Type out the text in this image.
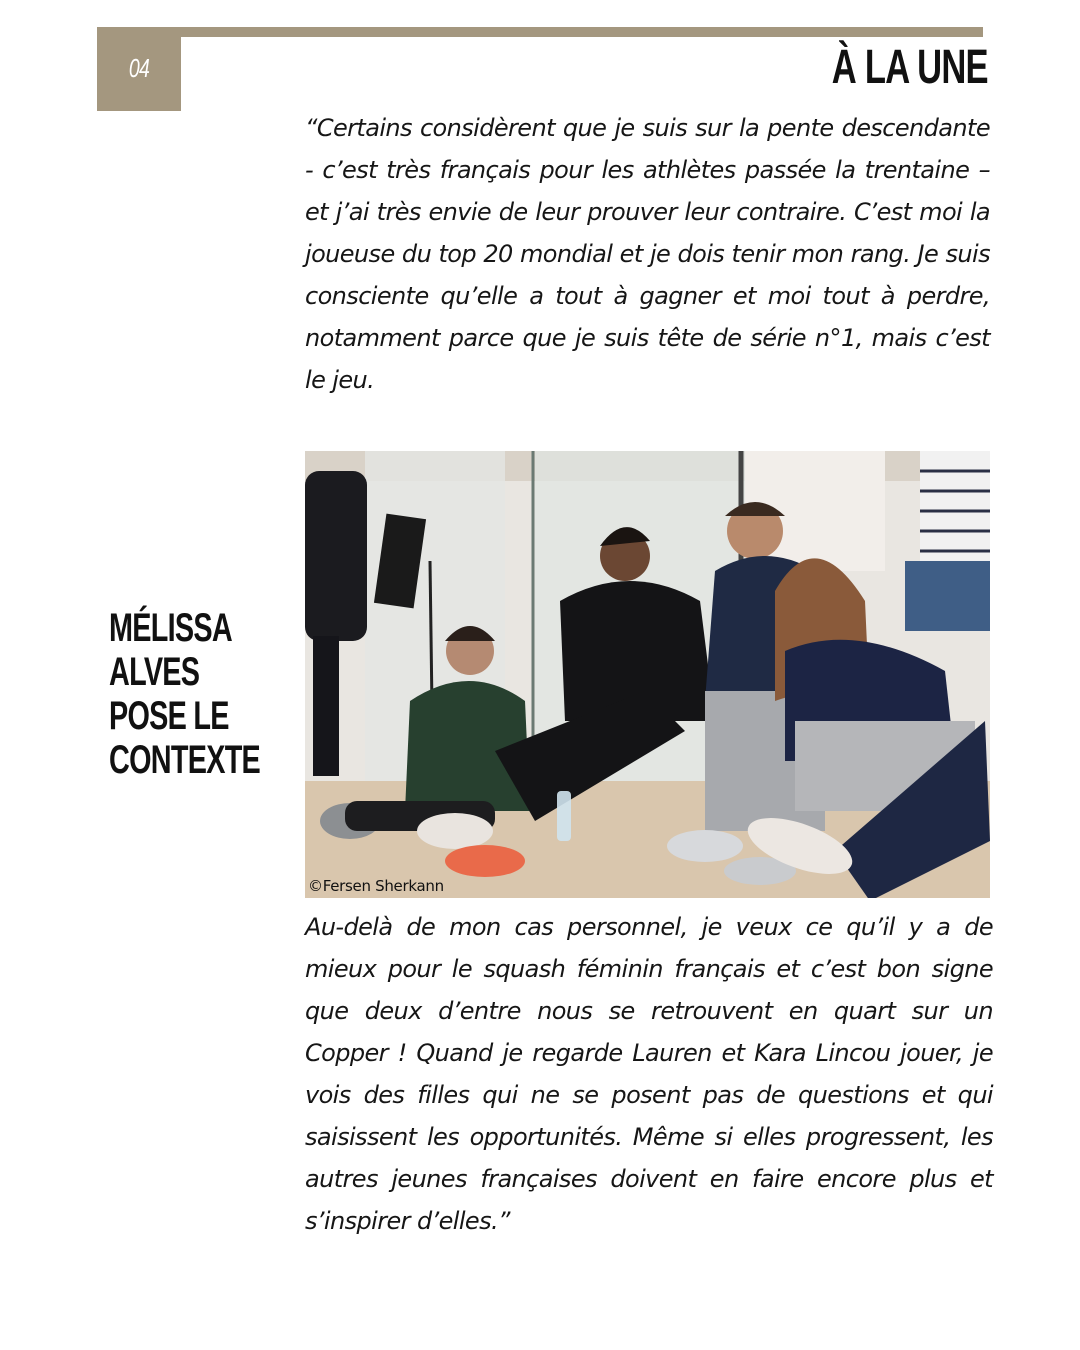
04	À LA UNE

“Certains considèrent que je suis sur la pente descendante - c’est très français pour les athlètes passée la trentaine – et j’ai très envie de leur prouver leur contraire. C’est moi la joueuse du top 20 mondial et je dois tenir mon rang. Je suis consciente qu’elle a tout à gagner et moi tout à perdre, notamment parce que je suis tête de série n°1, mais c’est le jeu.

MÉLISSA ALVES POSE LE CONTEXTE
©Fersen Sherkann

Au-delà de mon cas personnel, je veux ce qu’il y a de mieux pour le squash féminin français et c’est bon signe que deux d’entre nous se retrouvent en quart sur un Copper ! Quand je regarde Lauren et Kara Lincou jouer, je vois des filles qui ne se posent pas de questions et qui saisissent les opportunités. Même si elles progressent, les autres jeunes françaises doivent en faire encore plus et s’inspirer d’elles.”
